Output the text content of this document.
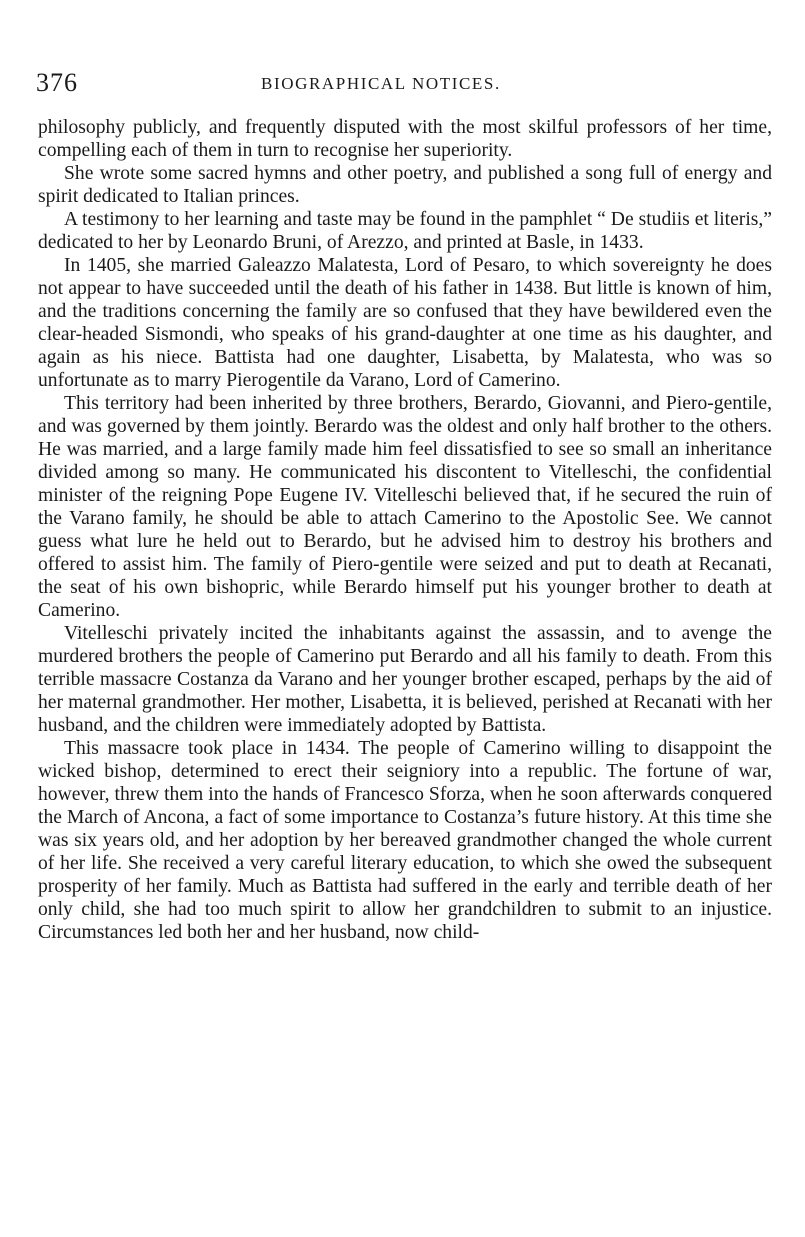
376	BIOGRAPHICAL NOTICES.

philosophy publicly, and frequently disputed with the most skilful professors of her time, compelling each of them in turn to recognise her superiority.

She wrote some sacred hymns and other poetry, and published a song full of energy and spirit dedicated to Italian princes.

A testimony to her learning and taste may be found in the pamphlet “ De studiis et literis,” dedicated to her by Leonardo Bruni, of Arezzo, and printed at Basle, in 1433.

In 1405, she married Galeazzo Malatesta, Lord of Pesaro, to which sovereignty he does not appear to have succeeded until the death of his father in 1438. But little is known of him, and the traditions concerning the family are so confused that they have bewildered even the clear-headed Sismondi, who speaks of his grand-daughter at one time as his daughter, and again as his niece. Battista had one daughter, Lisabetta, by Malatesta, who was so unfortunate as to marry Pierogentile da Varano, Lord of Camerino.

This territory had been inherited by three brothers, Berardo, Giovanni, and Piero-gentile, and was governed by them jointly. Berardo was the oldest and only half brother to the others. He was married, and a large family made him feel dissatisfied to see so small an inheritance divided among so many. He communicated his discontent to Vitelleschi, the confidential minister of the reigning Pope Eugene IV. Vitelleschi believed that, if he secured the ruin of the Varano family, he should be able to attach Camerino to the Apostolic See. We cannot guess what lure he held out to Berardo, but he advised him to destroy his brothers and offered to assist him. The family of Piero-gentile were seized and put to death at Recanati, the seat of his own bishopric, while Berardo himself put his younger brother to death at Camerino.

Vitelleschi privately incited the inhabitants against the assassin, and to avenge the murdered brothers the people of Camerino put Berardo and all his family to death. From this terrible massacre Costanza da Varano and her younger brother escaped, perhaps by the aid of her maternal grandmother. Her mother, Lisabetta, it is believed, perished at Recanati with her husband, and the children were immediately adopted by Battista.

This massacre took place in 1434. The people of Camerino willing to disappoint the wicked bishop, determined to erect their seigniory into a republic. The fortune of war, however, threw them into the hands of Francesco Sforza, when he soon afterwards conquered the March of Ancona, a fact of some importance to Costanza’s future history. At this time she was six years old, and her adoption by her bereaved grandmother changed the whole current of her life. She received a very careful literary education, to which she owed the subsequent prosperity of her family. Much as Battista had suffered in the early and terrible death of her only child, she had too much spirit to allow her grandchildren to submit to an injustice. Circumstances led both her and her husband, now child-
